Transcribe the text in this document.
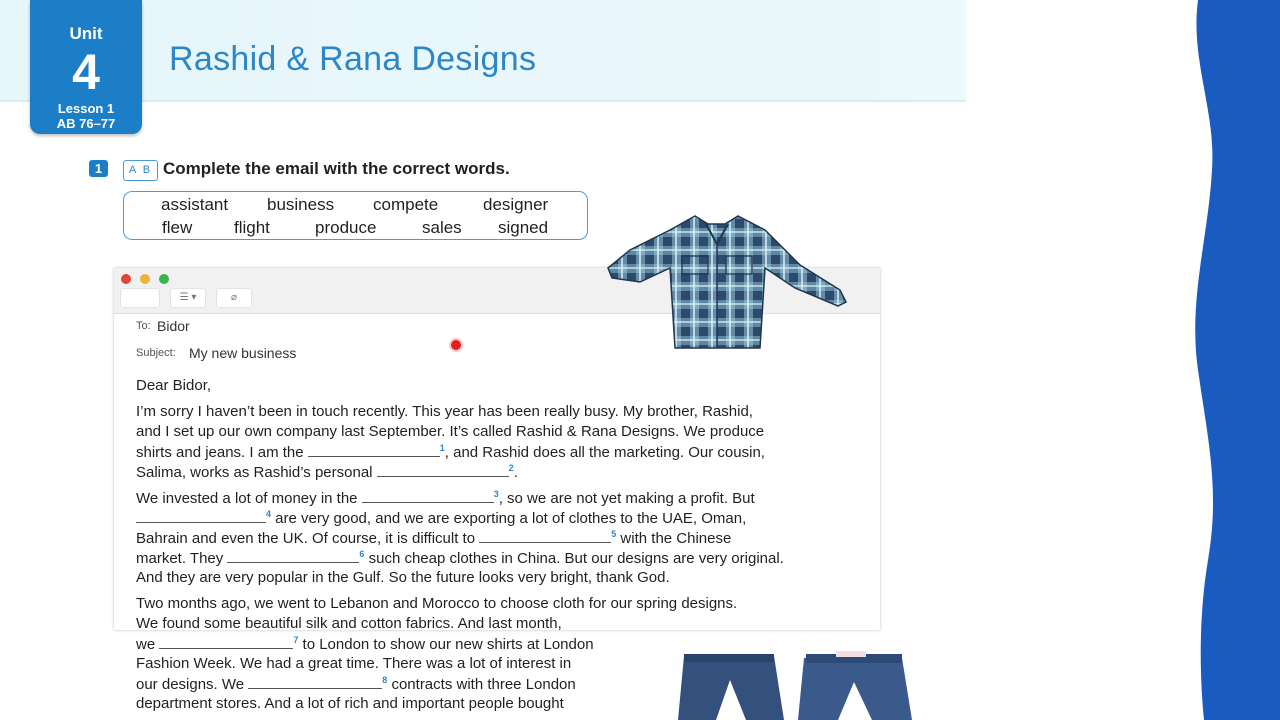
Unit
4
Lesson 1
AB 76–77
Rashid & Rana Designs
1	A B Complete the email with the correct words.
assistant business compete	designer
flew flight	produce	sales signed
☰ ▾	⌀
To: Bidor
Subject: My new business
Dear Bidor,
I’m sorry I haven’t been in touch recently. This year has been really busy. My brother, Rashid,
and I set up our own company last September. It’s called Rashid & Rana Designs. We produce
shirts and jeans. I am the	$^1$, and Rashid does all the marketing. Our cousin,
Salima, works as Rashid’s personal	$^2$.
We invested a lot of money in the	$^3$, so we are not yet making a profit. But
$^4$ are very good, and we are exporting a lot of clothes to the UAE, Oman,
Bahrain and even the UK. Of course, it is difficult to	$^5$ with the Chinese
market. They	$^6$ such cheap clothes in China. But our designs are very original.
And they are very popular in the Gulf. So the future looks very bright, thank God.
Two months ago, we went to Lebanon and Morocco to choose cloth for our spring designs.
We found some beautiful silk and cotton fabrics. And last month,
we	$^7$ to London to show our new shirts at London
Fashion Week. We had a great time. There was a lot of interest in
our designs. We	$^8$ contracts with three London
department stores. And a lot of rich and important people bought
